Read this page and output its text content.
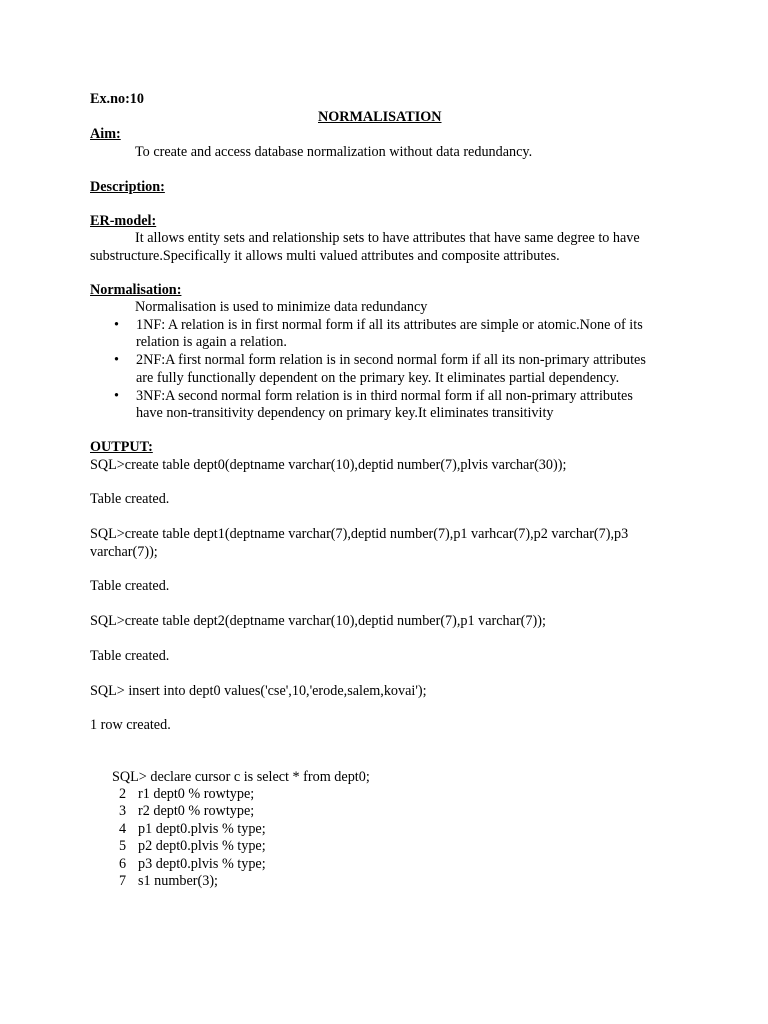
Ex.no:10
NORMALISATION
Aim:
To create and access database normalization without data redundancy.
Description:
ER-model:
It allows entity sets and relationship sets to have attributes that have same degree to have
substructure.Specifically it allows multi valued attributes and composite attributes.
Normalisation:
Normalisation is used to minimize data redundancy
• 1NF: A relation is in first normal form if all its attributes are simple or atomic.None of its
relation is again a relation.
• 2NF:A first normal form relation is in second normal form if all its non-primary attributes
are fully functionally dependent on the primary key. It eliminates partial dependency.
• 3NF:A second normal form relation is in third normal form if all non-primary attributes
have non-transitivity dependency on primary key.It eliminates transitivity
OUTPUT:
SQL>create table dept0(deptname varchar(10),deptid number(7),plvis varchar(30));
Table created.
SQL>create table dept1(deptname varchar(7),deptid number(7),p1 varhcar(7),p2 varchar(7),p3
varchar(7));
Table created.
SQL>create table dept2(deptname varchar(10),deptid number(7),p1 varchar(7));
Table created.
SQL> insert into dept0 values('cse',10,'erode,salem,kovai');
1 row created.
SQL> declare cursor c is select * from dept0;
2 r1 dept0 % rowtype;
3 r2 dept0 % rowtype;
4 p1 dept0.plvis % type;
5 p2 dept0.plvis % type;
6 p3 dept0.plvis % type;
7 s1 number(3);
